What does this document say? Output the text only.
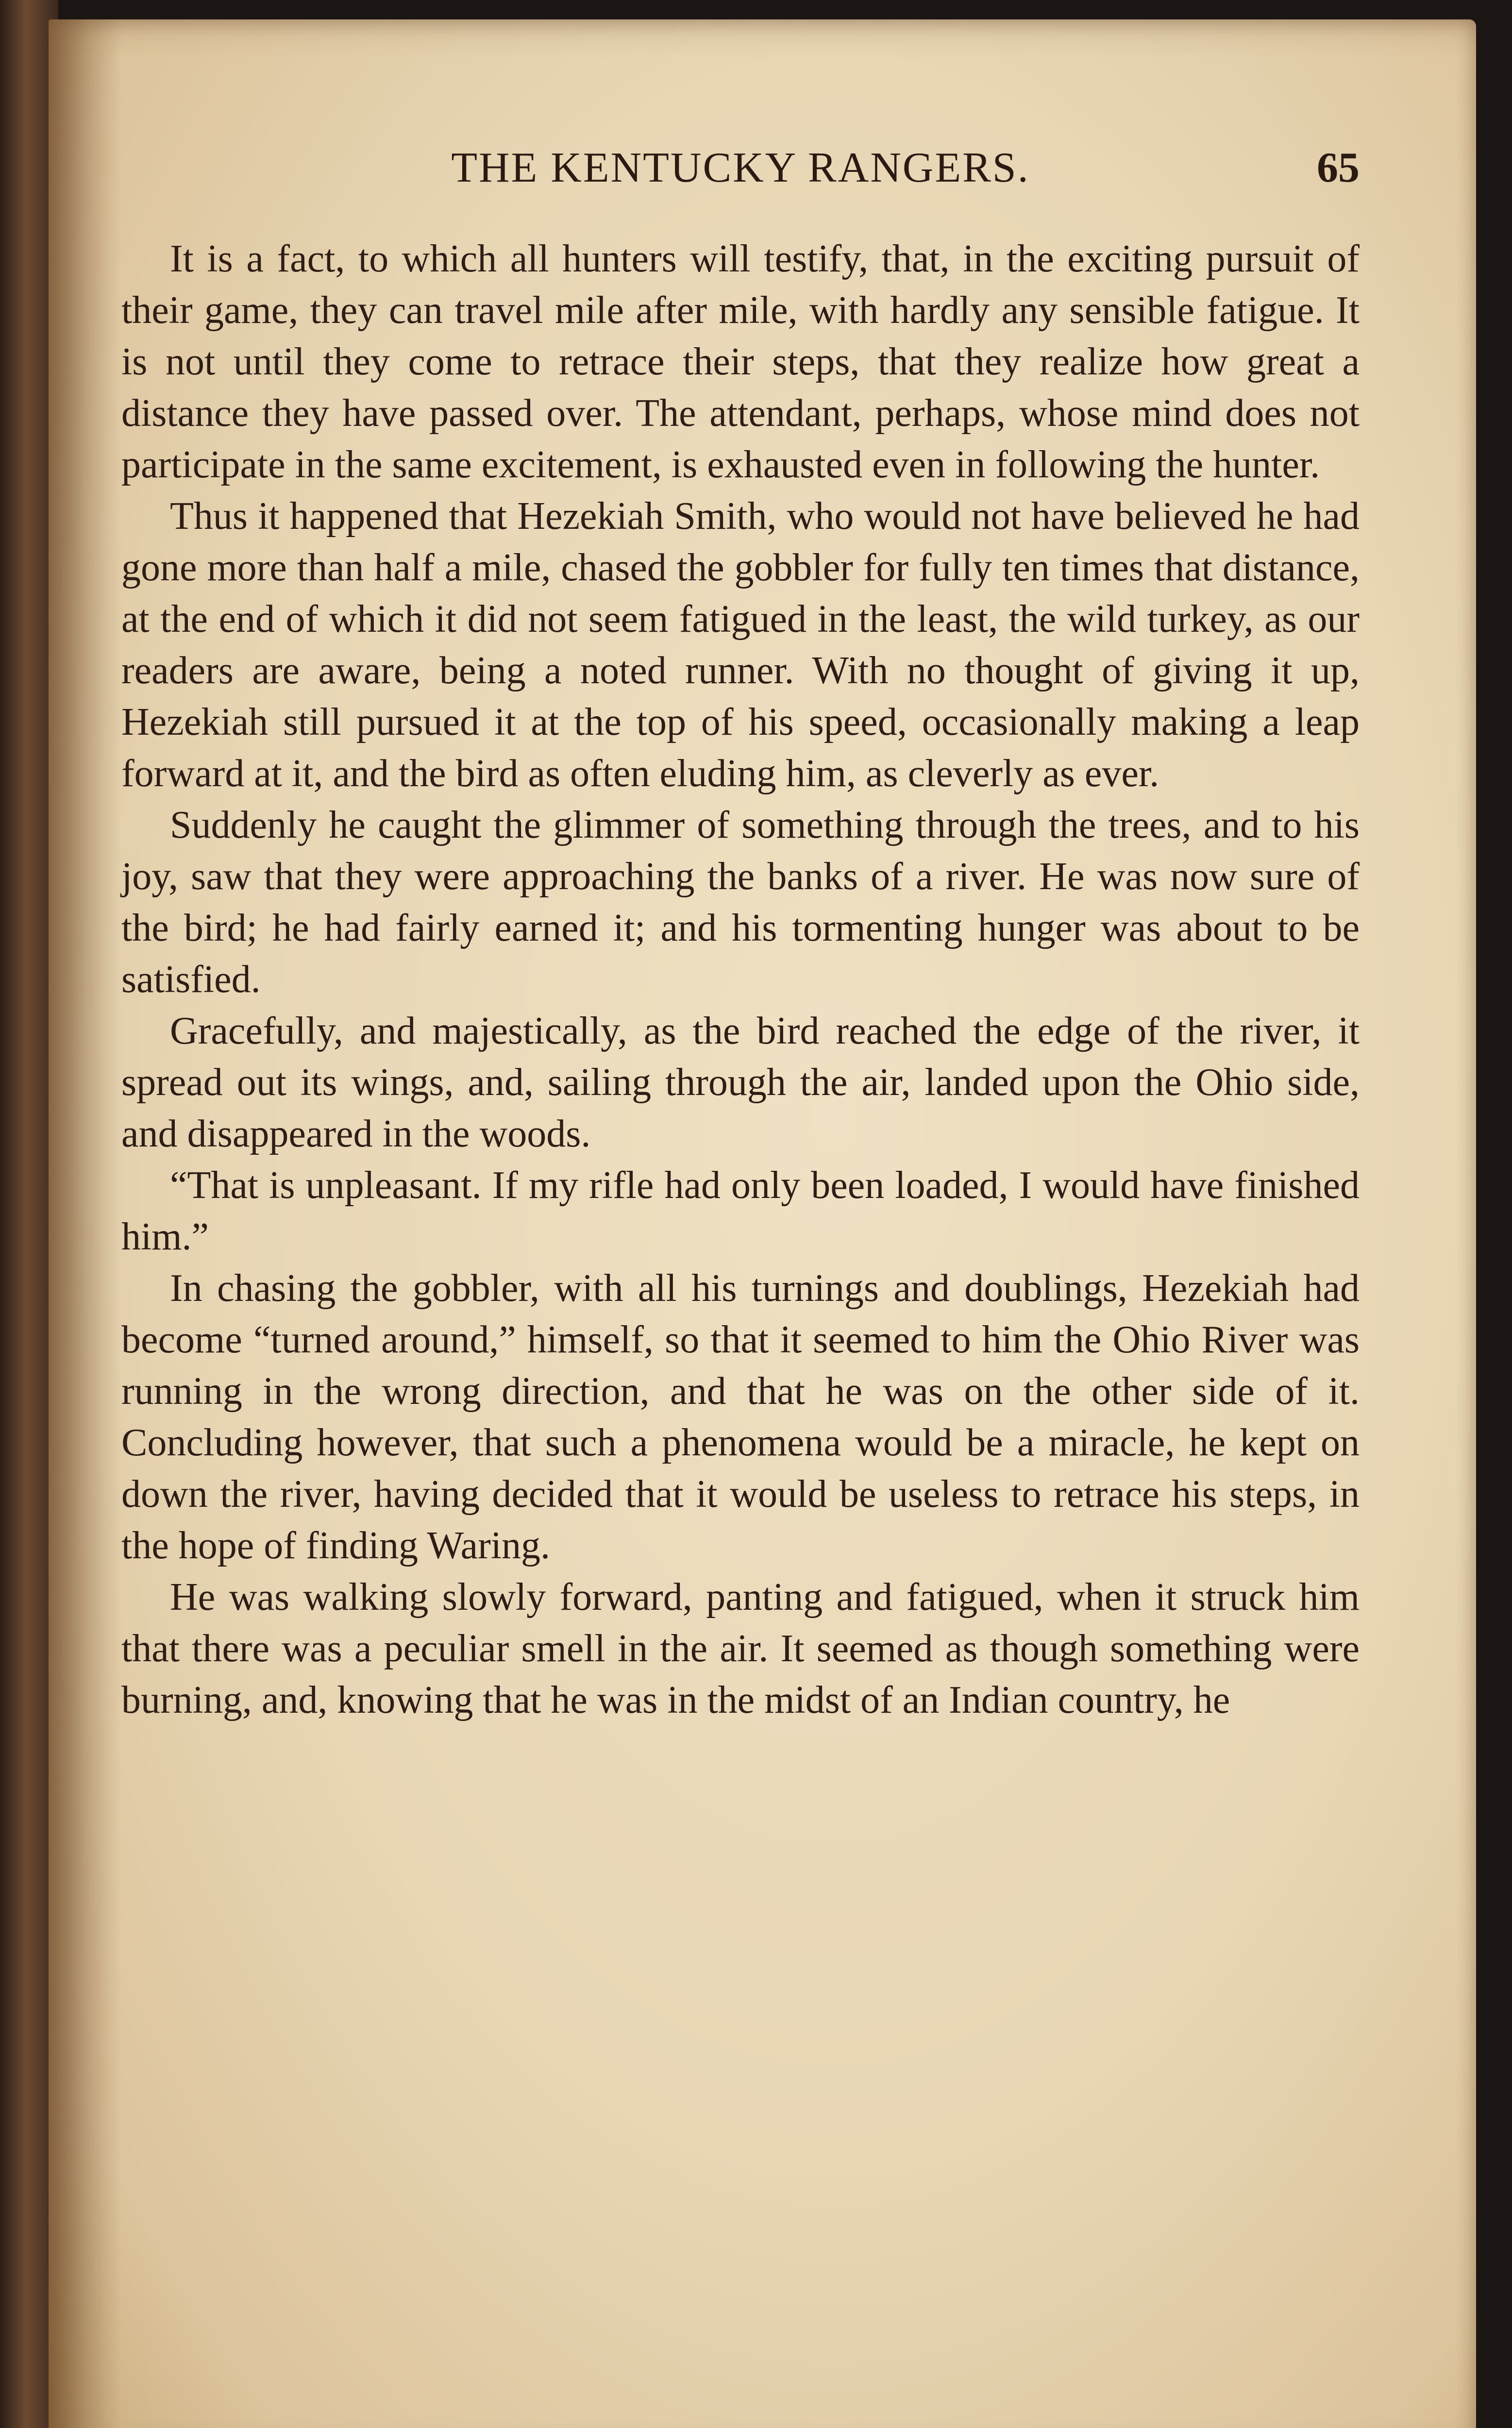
THE KENTUCKY RANGERS.	65

It is a fact, to which all hunters will testify, that, in the exciting pursuit of their game, they can travel mile after mile, with hardly any sensible fatigue. It is not until they come to retrace their steps, that they realize how great a distance they have passed over. The attendant, perhaps, whose mind does not participate in the same excitement, is exhausted even in following the hunter.

Thus it happened that Hezekiah Smith, who would not have believed he had gone more than half a mile, chased the gobbler for fully ten times that distance, at the end of which it did not seem fatigued in the least, the wild turkey, as our readers are aware, being a noted runner. With no thought of giving it up, Hezekiah still pursued it at the top of his speed, occasionally making a leap forward at it, and the bird as often eluding him, as cleverly as ever.

Suddenly he caught the glimmer of something through the trees, and to his joy, saw that they were approaching the banks of a river. He was now sure of the bird; he had fairly earned it; and his tormenting hunger was about to be satisfied.

Gracefully, and majestically, as the bird reached the edge of the river, it spread out its wings, and, sailing through the air, landed upon the Ohio side, and disappeared in the woods.

“That is unpleasant. If my rifle had only been loaded, I would have finished him.”

In chasing the gobbler, with all his turnings and doublings, Hezekiah had become “turned around,” himself, so that it seemed to him the Ohio River was running in the wrong direction, and that he was on the other side of it. Concluding however, that such a phenomena would be a miracle, he kept on down the river, having decided that it would be useless to retrace his steps, in the hope of finding Waring.

He was walking slowly forward, panting and fatigued, when it struck him that there was a peculiar smell in the air. It seemed as though something were burning, and, knowing that he was in the midst of an Indian country, he
